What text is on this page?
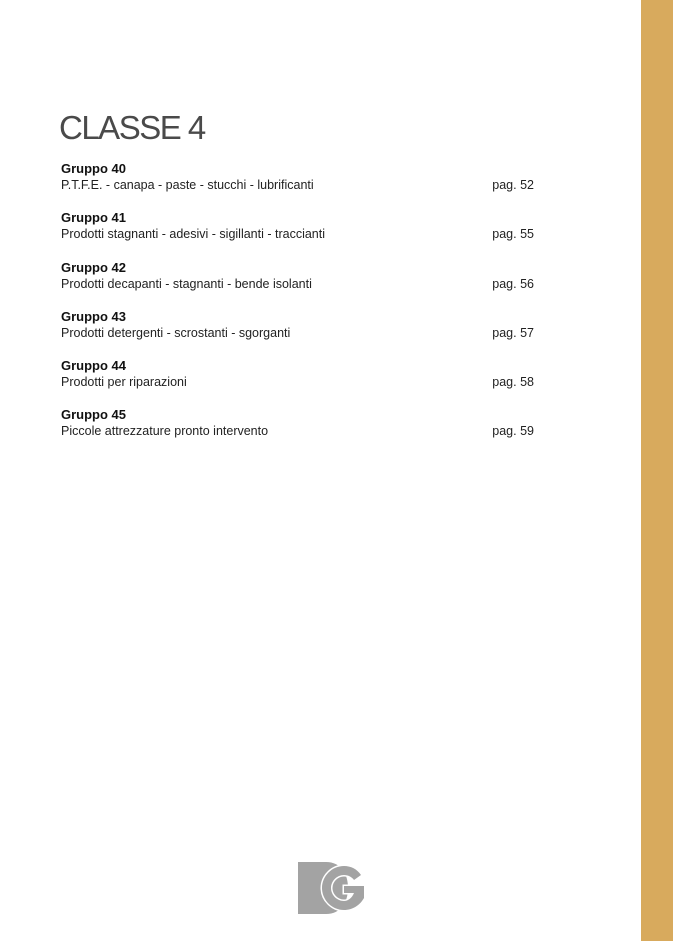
CLASSE 4
Gruppo 40
P.T.F.E. - canapa - paste - stucchi - lubrificanti	pag. 52
Gruppo 41
Prodotti stagnanti - adesivi - sigillanti - traccianti	pag. 55
Gruppo 42
Prodotti decapanti - stagnanti - bende isolanti	pag. 56
Gruppo 43
Prodotti detergenti - scrostanti - sgorganti	pag. 57
Gruppo 44
Prodotti per riparazioni	pag. 58
Gruppo 45
Piccole attrezzature pronto intervento	pag. 59
